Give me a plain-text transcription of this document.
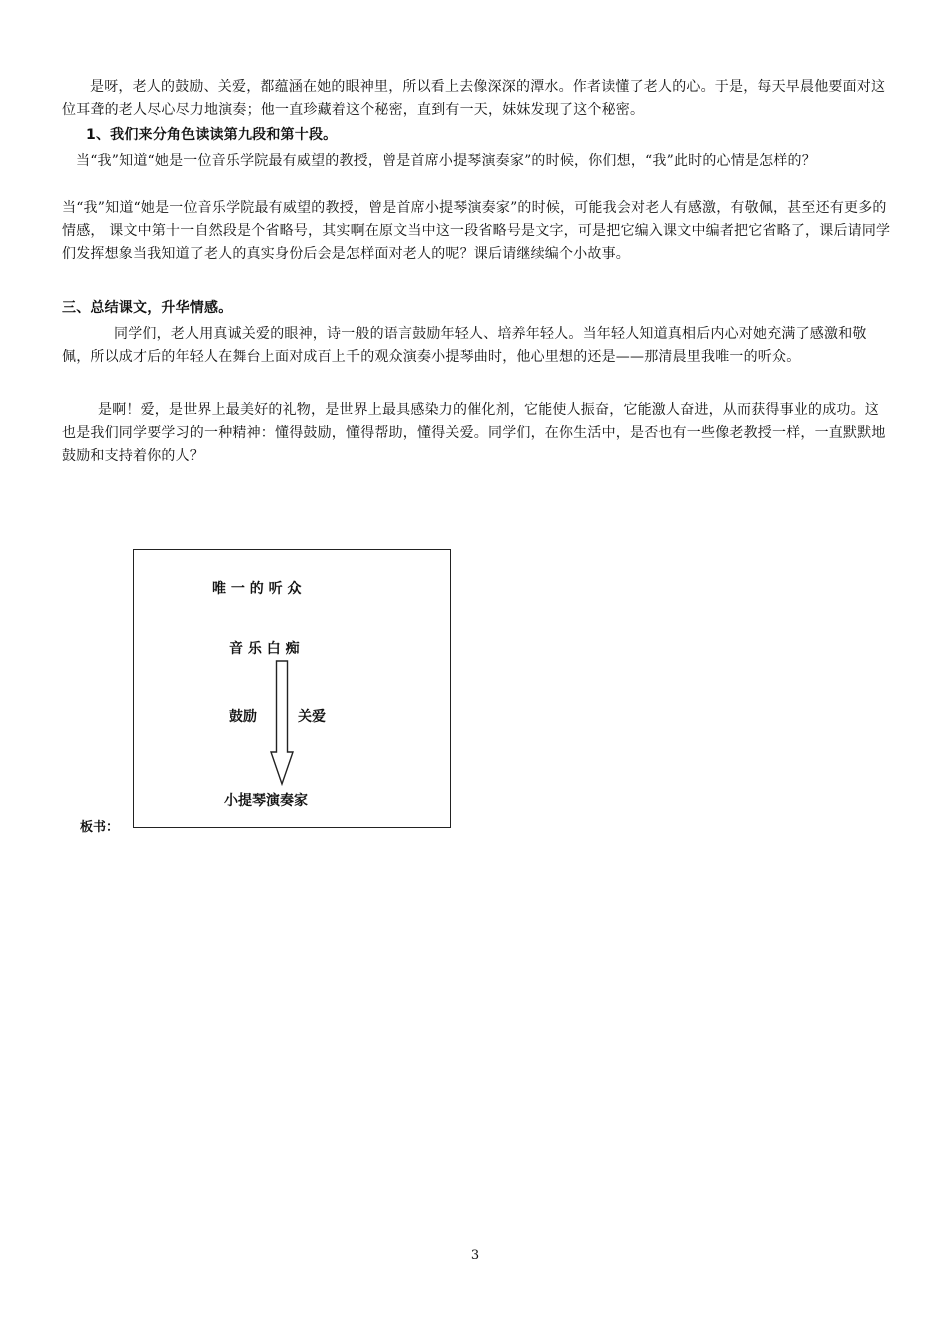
是呀，老人的鼓励、关爱，都蕴涵在她的眼神里，所以看上去像深深的潭水。作者读懂了老人的心。于是，每天早晨他要面对这位耳聋的老人尽心尽力地演奏；他一直珍藏着这个秘密，直到有一天，妹妹发现了这个秘密。

1、我们来分角色读读第九段和第十段。

当“我”知道“她是一位音乐学院最有威望的教授，曾是首席小提琴演奏家”的时候，你们想，“我”此时的心情是怎样的？

当“我”知道“她是一位音乐学院最有威望的教授，曾是首席小提琴演奏家”的时候，可能我会对老人有感激，有敬佩，甚至还有更多的情感， 课文中第十一自然段是个省略号，其实啊在原文当中这一段省略号是文字，可是把它编入课文中编者把它省略了，课后请同学们发挥想象当我知道了老人的真实身份后会是怎样面对老人的呢？课后请继续编个小故事。

三、总结课文，升华情感。

同学们，老人用真诚关爱的眼神，诗一般的语言鼓励年轻人、培养年轻人。当年轻人知道真相后内心对她充满了感激和敬佩，所以成才后的年轻人在舞台上面对成百上千的观众演奏小提琴曲时，他心里想的还是——那清晨里我唯一的听众。

是啊！爱，是世界上最美好的礼物，是世界上最具感染力的催化剂，它能使人振奋，它能激人奋进，从而获得事业的成功。这也是我们同学要学习的一种精神：懂得鼓励，懂得帮助，懂得关爱。同学们，在你生活中，是否也有一些像老教授一样，一直默默地鼓励和支持着你的人？

唯 一 的 听 众
音 乐 白 痴
鼓励	关爱
小提琴演奏家
板书：
3
